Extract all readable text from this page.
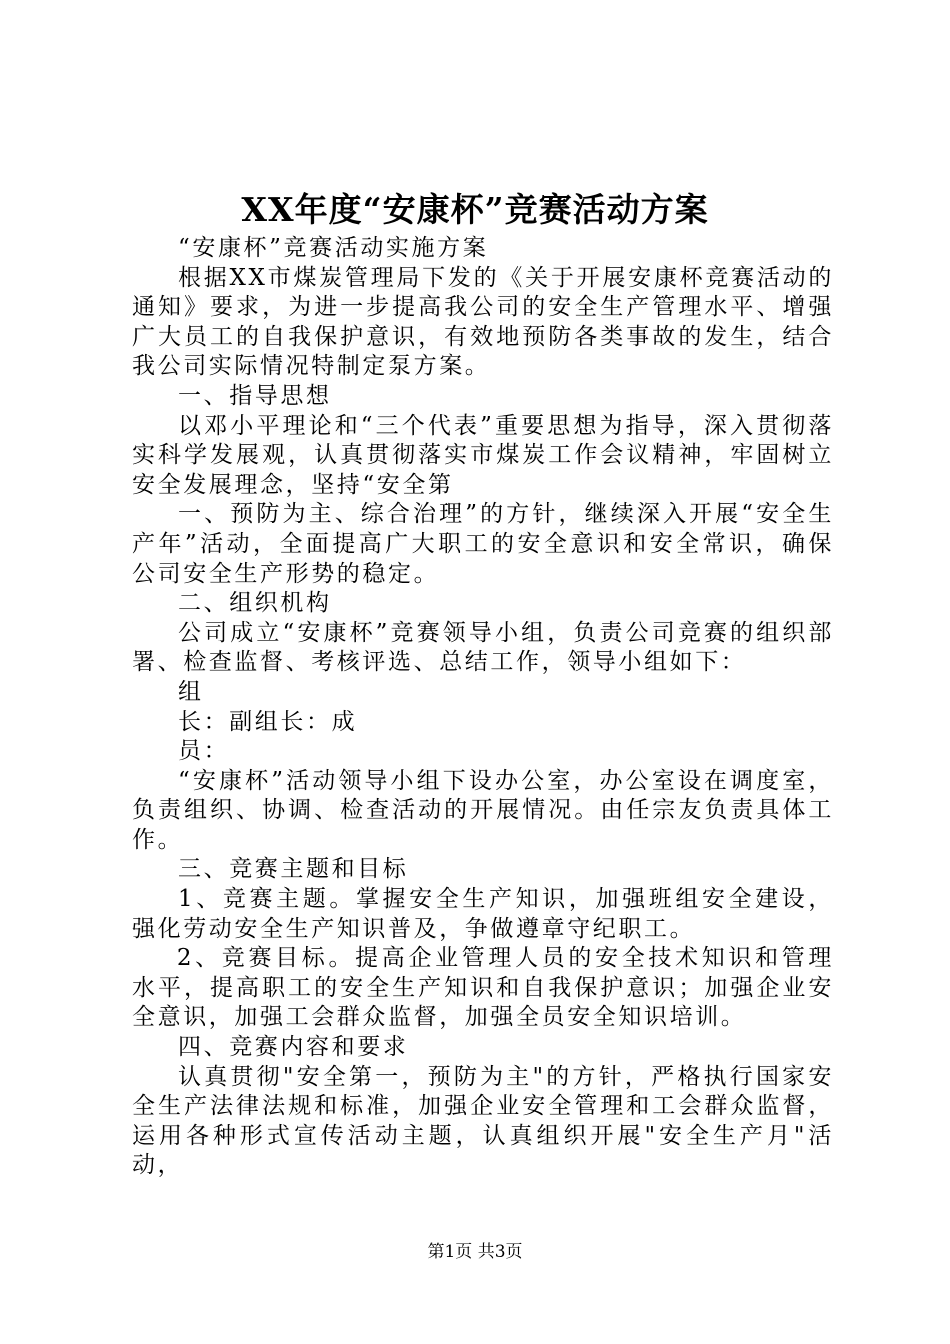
XX年度“安康杯”竞赛活动方案

“安康杯”竞赛活动实施方案

根据XX市煤炭管理局下发的《关于开展安康杯竞赛活动的通知》要求，为进一步提高我公司的安全生产管理水平、增强广大员工的自我保护意识，有效地预防各类事故的发生，结合我公司实际情况特制定泵方案。

一、指导思想

以邓小平理论和“三个代表”重要思想为指导，深入贯彻落实科学发展观，认真贯彻落实市煤炭工作会议精神，牢固树立安全发展理念，坚持“安全第

一、预防为主、综合治理”的方针，继续深入开展“安全生产年”活动，全面提高广大职工的安全意识和安全常识，确保公司安全生产形势的稳定。

二、组织机构

公司成立“安康杯”竞赛领导小组，负责公司竞赛的组织部署、检查监督、考核评选、总结工作，领导小组如下：

组

长：副组长：成

员：

“安康杯”活动领导小组下设办公室，办公室设在调度室，负责组织、协调、检查活动的开展情况。由任宗友负责具体工作。

三、竞赛主题和目标

1、竞赛主题。掌握安全生产知识，加强班组安全建设，强化劳动安全生产知识普及，争做遵章守纪职工。

2、竞赛目标。提高企业管理人员的安全技术知识和管理水平，提高职工的安全生产知识和自我保护意识；加强企业安全意识，加强工会群众监督，加强全员安全知识培训。

四、竞赛内容和要求

认真贯彻"安全第一，预防为主"的方针，严格执行国家安全生产法律法规和标准，加强企业安全管理和工会群众监督，运用各种形式宣传活动主题，认真组织开展"安全生产月"活动，

第1页 共3页
